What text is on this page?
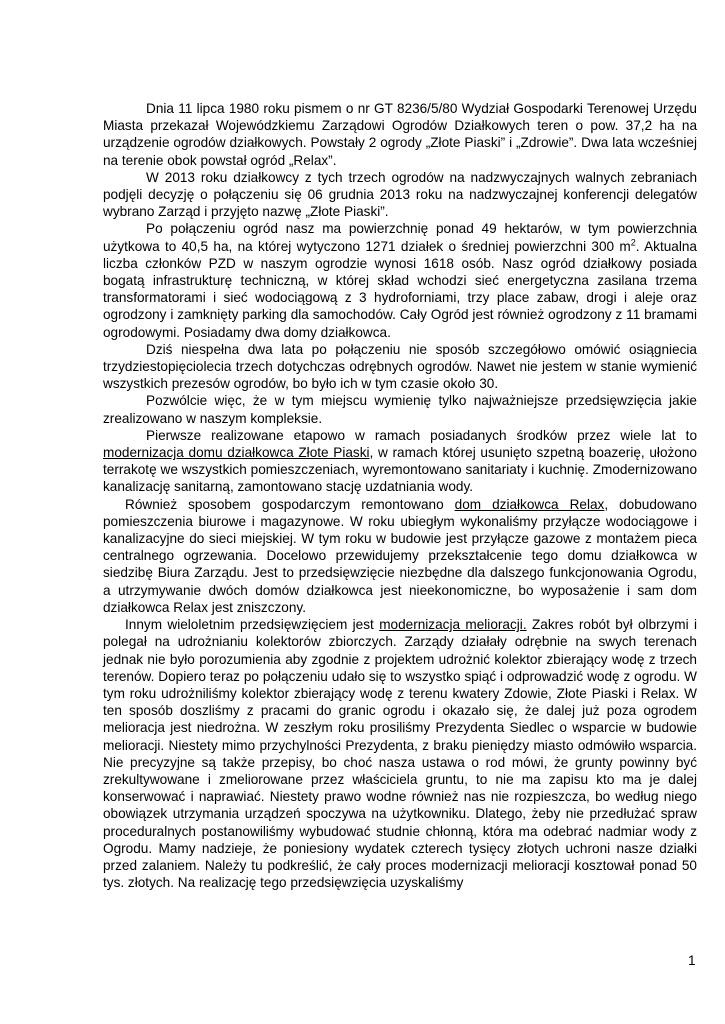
Dnia 11 lipca 1980 roku pismem o nr GT 8236/5/80 Wydział Gospodarki Terenowej Urzędu Miasta przekazał Wojewódzkiemu Zarządowi Ogrodów Działkowych teren o pow. 37,2 ha na urządzenie ogrodów działkowych. Powstały 2 ogrody „Złote Piaski” i „Zdrowie”. Dwa lata wcześniej na terenie obok powstał ogród „Relax”.

W 2013 roku działkowcy z tych trzech ogrodów na nadzwyczajnych walnych zebraniach podjęli decyzję o połączeniu się 06 grudnia 2013 roku na nadzwyczajnej konferencji delegatów wybrano Zarząd i przyjęto nazwę „Złote Piaski”.

Po połączeniu ogród nasz ma powierzchnię ponad 49 hektarów, w tym powierzchnia użytkowa to 40,5 ha, na której wytyczono 1271 działek o średniej powierzchni 300 $m^2$. Aktualna liczba członków PZD w naszym ogrodzie wynosi 1618 osób. Nasz ogród działkowy posiada bogatą infrastrukturę techniczną, w której skład wchodzi sieć energetyczna zasilana trzema transformatorami i sieć wodociągową z 3 hydroforniami, trzy place zabaw, drogi i aleje oraz ogrodzony i zamknięty parking dla samochodów. Cały Ogród jest również ogrodzony z 11 bramami ogrodowymi. Posiadamy dwa domy działkowca.

Dziś niespełna dwa lata po połączeniu nie sposób szczegółowo omówić osiągniecia trzydziestopięciolecia trzech dotychczas odrębnych ogrodów. Nawet nie jestem w stanie wymienić wszystkich prezesów ogrodów, bo było ich w tym czasie około 30.

Pozwólcie więc, że w tym miejscu wymienię tylko najważniejsze przedsięwzięcia jakie zrealizowano w naszym kompleksie.

Pierwsze realizowane etapowo w ramach posiadanych środków przez wiele lat to modernizacja domu działkowca Złote Piaski, w ramach której usunięto szpetną boazerię, ułożono terrakotę we wszystkich pomieszczeniach, wyremontowano sanitariaty i kuchnię. Zmodernizowano kanalizację sanitarną, zamontowano stację uzdatniania wody.

Również sposobem gospodarczym remontowano dom działkowca Relax, dobudowano pomieszczenia biurowe i magazynowe. W roku ubiegłym wykonaliśmy przyłącze wodociągowe i kanalizacyjne do sieci miejskiej. W tym roku w budowie jest przyłącze gazowe z montażem pieca centralnego ogrzewania. Docelowo przewidujemy przekształcenie tego domu działkowca w siedzibę Biura Zarządu. Jest to przedsięwzięcie niezbędne dla dalszego funkcjonowania Ogrodu, a utrzymywanie dwóch domów działkowca jest nieekonomiczne, bo wyposażenie i sam dom działkowca Relax jest zniszczony.

Innym wieloletnim przedsięwzięciem jest modernizacja melioracji. Zakres robót był olbrzymi i polegał na udrożnianiu kolektorów zbiorczych. Zarządy działały odrębnie na swych terenach jednak nie było porozumienia aby zgodnie z projektem udrożnić kolektor zbierający wodę z trzech terenów. Dopiero teraz po połączeniu udało się to wszystko spiąć i odprowadzić wodę z ogrodu. W tym roku udrożniliśmy kolektor zbierający wodę z terenu kwatery Zdowie, Złote Piaski i Relax. W ten sposób doszliśmy z pracami do granic ogrodu i okazało się, że dalej już poza ogrodem melioracja jest niedrożna. W zeszłym roku prosiliśmy Prezydenta Siedlec o wsparcie w budowie melioracji. Niestety mimo przychylności Prezydenta, z braku pieniędzy miasto odmówiło wsparcia. Nie precyzyjne są także przepisy, bo choć nasza ustawa o rod mówi, że grunty powinny być zrekultywowane i zmeliorowane przez właściciela gruntu, to nie ma zapisu kto ma je dalej konserwować i naprawiać. Niestety prawo wodne również nas nie rozpieszcza, bo według niego obowiązek utrzymania urządzeń spoczywa na użytkowniku. Dlatego, żeby nie przedłużać spraw proceduralnych postanowiliśmy wybudować studnie chłonną, która ma odebrać nadmiar wody z Ogrodu. Mamy nadzieje, że poniesiony wydatek czterech tysięcy złotych uchroni nasze działki przed zalaniem. Należy tu podkreślić, że cały proces modernizacji melioracji kosztował ponad 50 tys. złotych. Na realizację tego przedsięwzięcia uzyskaliśmy

1
